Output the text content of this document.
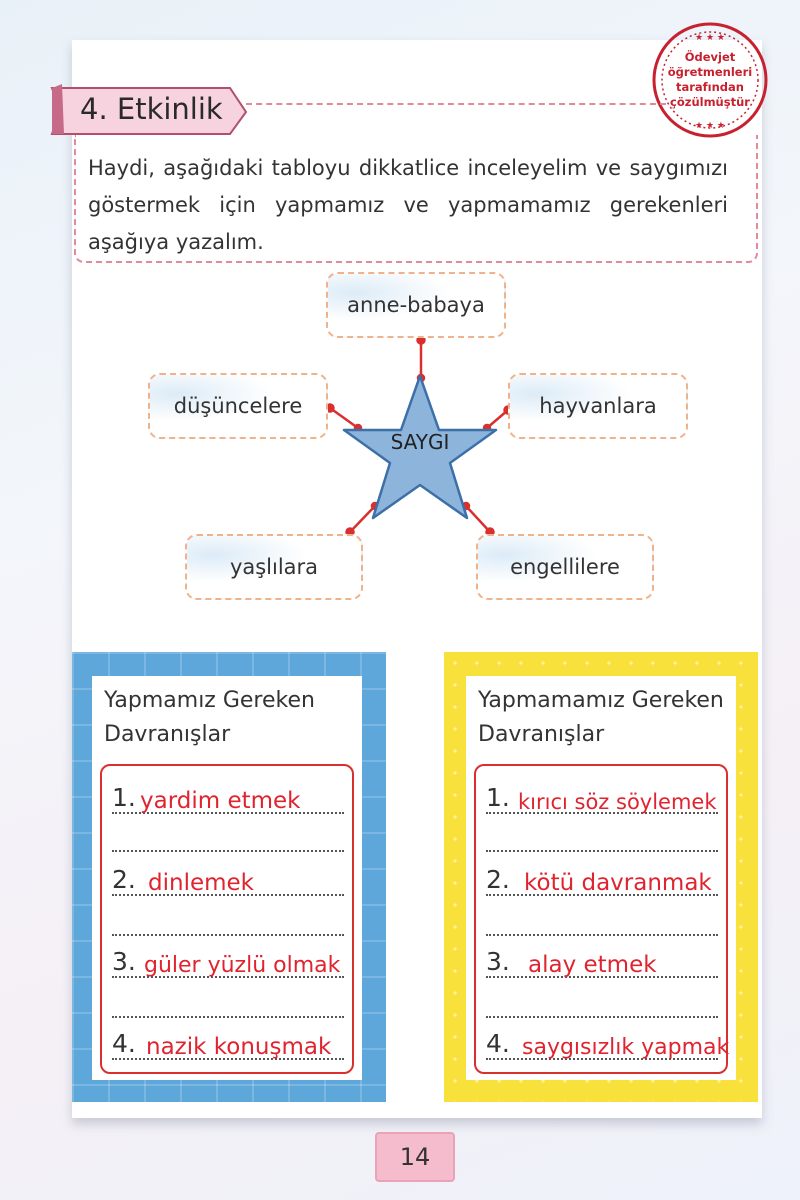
★ ★ ★
★ ★ ★
Ödevjet
öğretmenleri
tarafından
çözülmüştür
4. Etkinlik
Haydi, aşağıdaki tabloyu dikkatlice inceleyelim ve saygımızı göstermek için yapmamız ve yapmamamız gerekenleri aşağıya yazalım.
SAYGI
anne-babaya
düşüncelere	hayvanlara
yaşlılara	engellilere
Yapmamız Gereken Davranışlar
1. yardim etmek
2. dinlemek
3. güler yüzlü olmak
4. nazik konuşmak
Yapmamamız Gereken Davranışlar
1. kırıcı söz söylemek
2. kötü davranmak
3. alay etmek
4. saygısızlık yapmak
14
